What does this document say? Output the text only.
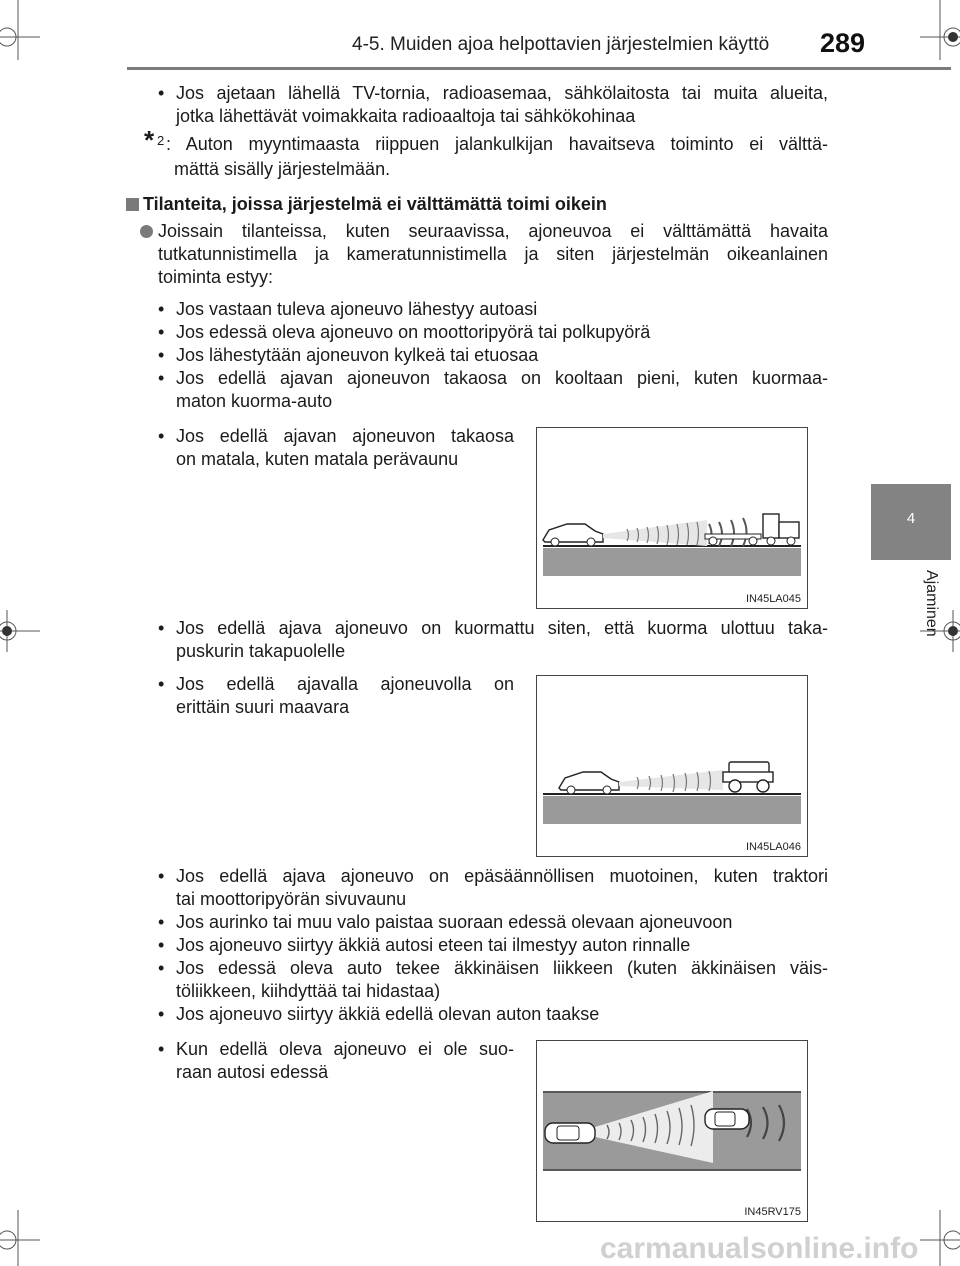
4-5. Muiden ajoa helpottavien järjestelmien käyttö 289
4
Ajaminen
• Jos ajetaan lähellä TV-tornia, radioasemaa, sähkölaitosta tai muita alueita,
jotka lähettävät voimakkaita radioaaltoja tai sähkökohinaa
* 2 : Auton myyntimaasta riippuen jalankulkijan havaitseva toiminto ei välttä-
mättä sisälly järjestelmään.
Tilanteita, joissa järjestelmä ei välttämättä toimi oikein
Joissain tilanteissa, kuten seuraavissa, ajoneuvoa ei välttämättä havaita
tutkatunnistimella ja kameratunnistimella ja siten järjestelmän oikeanlainen
toiminta estyy:
• Jos vastaan tuleva ajoneuvo lähestyy autoasi
• Jos edessä oleva ajoneuvo on moottoripyörä tai polkupyörä
• Jos lähestytään ajoneuvon kylkeä tai etuosaa
• Jos edellä ajavan ajoneuvon takaosa on kooltaan pieni, kuten kuormaa-
maton kuorma-auto
• Jos edellä ajavan ajoneuvon takaosa
on matala, kuten matala perävaunu
IN45LA045
• Jos edellä ajava ajoneuvo on kuormattu siten, että kuorma ulottuu taka-
puskurin takapuolelle
• Jos edellä ajavalla ajoneuvolla on
erittäin suuri maavara
IN45LA046
• Jos edellä ajava ajoneuvo on epäsäännöllisen muotoinen, kuten traktori
tai moottoripyörän sivuvaunu
• Jos aurinko tai muu valo paistaa suoraan edessä olevaan ajoneuvoon
• Jos ajoneuvo siirtyy äkkiä autosi eteen tai ilmestyy auton rinnalle
• Jos edessä oleva auto tekee äkkinäisen liikkeen (kuten äkkinäisen väis-
töliikkeen, kiihdyttää tai hidastaa)
• Jos ajoneuvo siirtyy äkkiä edellä olevan auton taakse
• Kun edellä oleva ajoneuvo ei ole suo-
raan autosi edessä
IN45RV175
carmanualsonline.info
